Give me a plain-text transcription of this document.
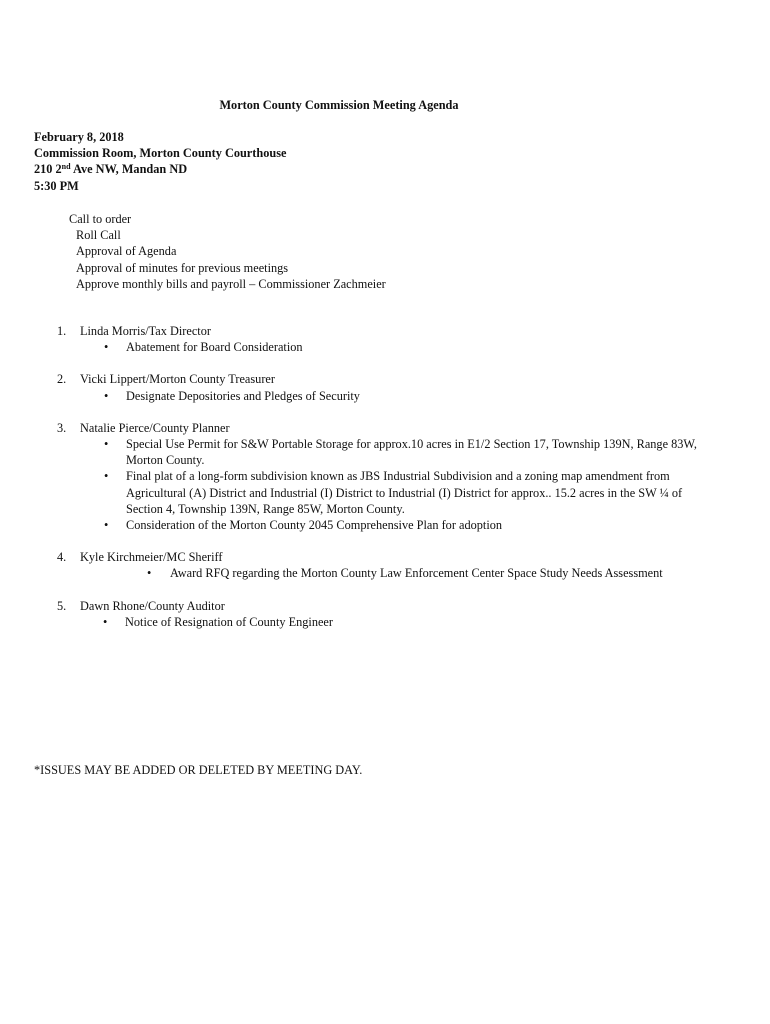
Morton County Commission Meeting Agenda
February 8, 2018
Commission Room, Morton County Courthouse
210 2nd Ave NW, Mandan ND
5:30 PM
Call to order
Roll Call
Approval of Agenda
Approval of minutes for previous meetings
Approve monthly bills and payroll – Commissioner Zachmeier
1. Linda Morris/Tax Director
• Abatement for Board Consideration
2. Vicki Lippert/Morton County Treasurer
• Designate Depositories and Pledges of Security
3. Natalie Pierce/County Planner
• Special Use Permit for S&W Portable Storage for approx.10 acres in E1/2 Section 17, Township 139N, Range 83W, Morton County.
• Final plat of a long-form subdivision known as JBS Industrial Subdivision and a zoning map amendment from Agricultural (A) District and Industrial (I) District to Industrial (I) District for approx.. 15.2 acres in the SW ¼ of Section 4, Township 139N, Range 85W, Morton County.
• Consideration of the Morton County 2045 Comprehensive Plan for adoption
4. Kyle Kirchmeier/MC Sheriff
• Award RFQ regarding the Morton County Law Enforcement Center Space Study Needs Assessment
5. Dawn Rhone/County Auditor
• Notice of Resignation of County Engineer
*ISSUES MAY BE ADDED OR DELETED BY MEETING DAY.
